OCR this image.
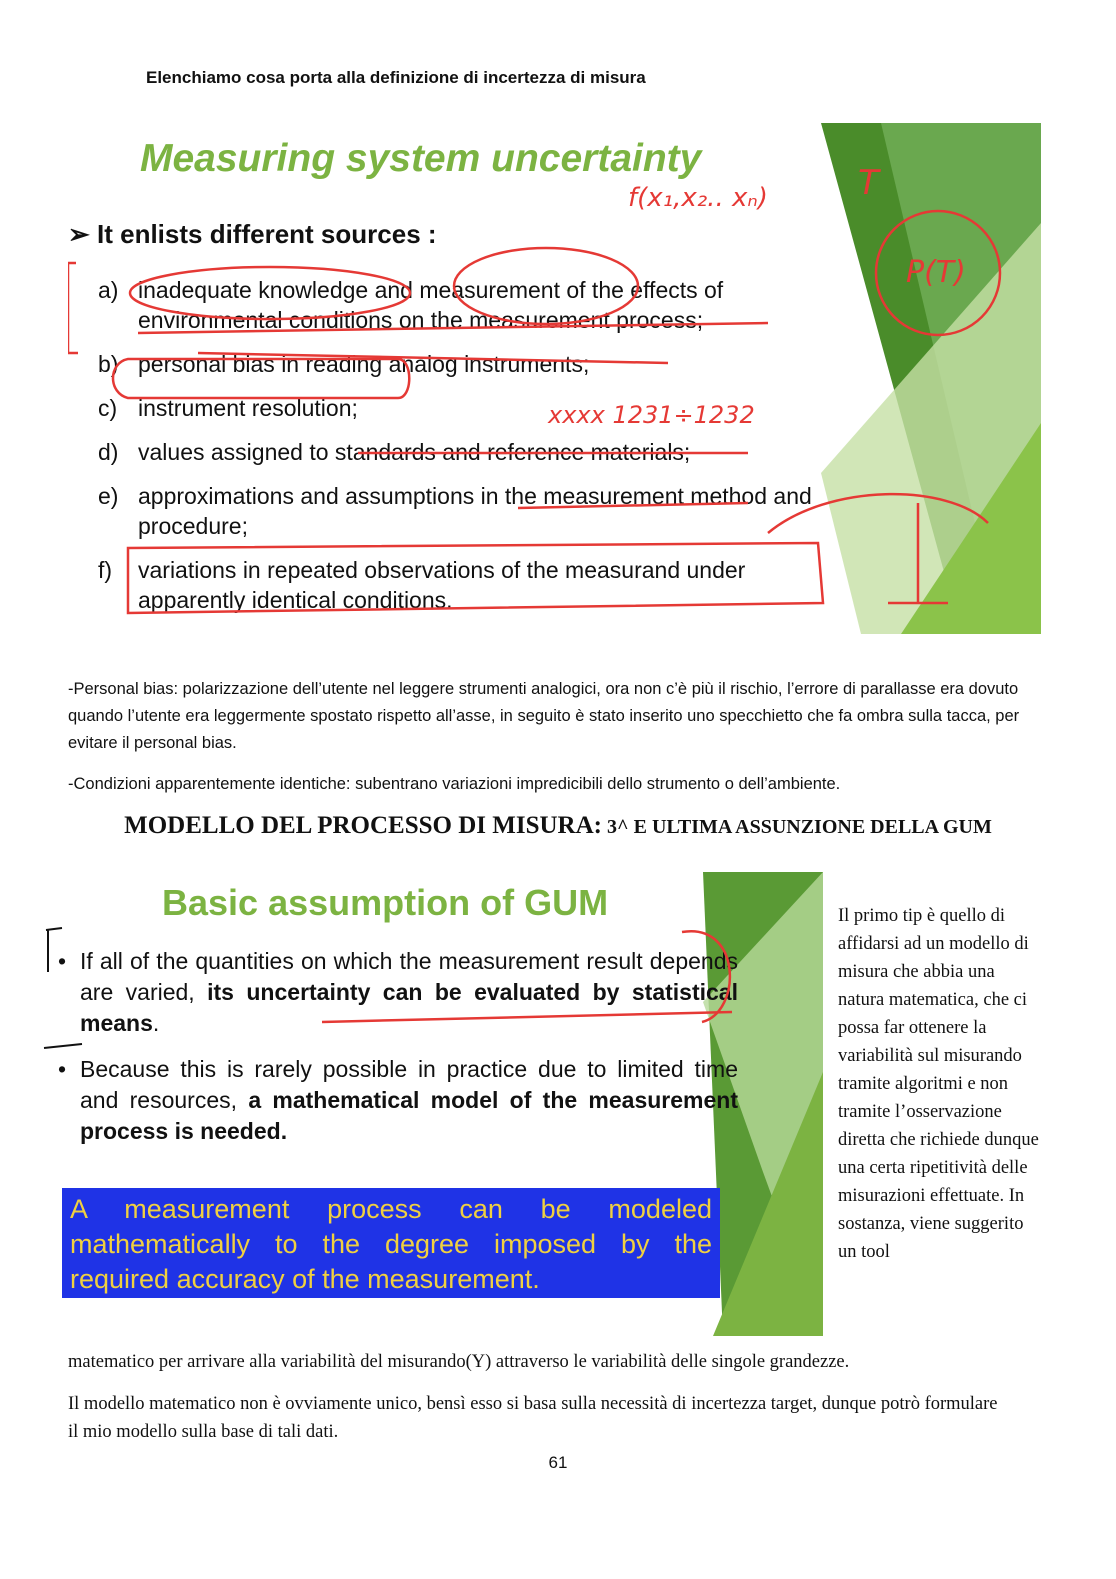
Elenchiamo cosa porta alla definizione di incertezza di misura
Measuring system uncertainty
➢ It enlists different sources :
a) inadequate knowledge and measurement of the effects of environmental conditions on the measurement process;
b) personal bias in reading analog instruments;
c) instrument resolution;
d) values assigned to standards and reference materials;
e) approximations and assumptions in the measurement method and procedure;
f)	variations in repeated observations of the measurand under apparently identical conditions.
f(x₁,x₂.. xₙ)
xxxx 1231÷1232
T
P(T)
-Personal bias: polarizzazione dell’utente nel leggere strumenti analogici, ora non c’è più il rischio, l’errore di parallasse era dovuto quando l’utente era leggermente spostato rispetto all’asse, in seguito è stato inserito uno specchietto che fa ombra sulla tacca, per evitare il personal bias.
-Condizioni apparentemente identiche: subentrano variazioni impredicibili dello strumento o dell’ambiente.
MODELLO DEL PROCESSO DI MISURA: 3^ E ULTIMA ASSUNZIONE DELLA GUM
Basic assumption of GUM
• If all of the quantities on which the measurement result depends are varied, its uncertainty can be evaluated by statistical means.
• Because this is rarely possible in practice due to limited time and resources, a mathematical model of the measurement process is needed.
A measurement process can be modeled mathematically to the degree imposed by the required accuracy of the measurement.
Il primo tip è quello di affidarsi ad un modello di misura che abbia una natura matematica, che ci possa far ottenere la variabilità sul misurando tramite algoritmi e non tramite l’osservazione diretta che richiede dunque una certa ripetitività delle misurazioni effettuate. In sostanza, viene suggerito un tool
matematico per arrivare alla variabilità del misurando(Y) attraverso le variabilità delle singole grandezze.
Il modello matematico non è ovviamente unico, bensì esso si basa sulla necessità di incertezza target, dunque potrò formulare il mio modello sulla base di tali dati.
61
